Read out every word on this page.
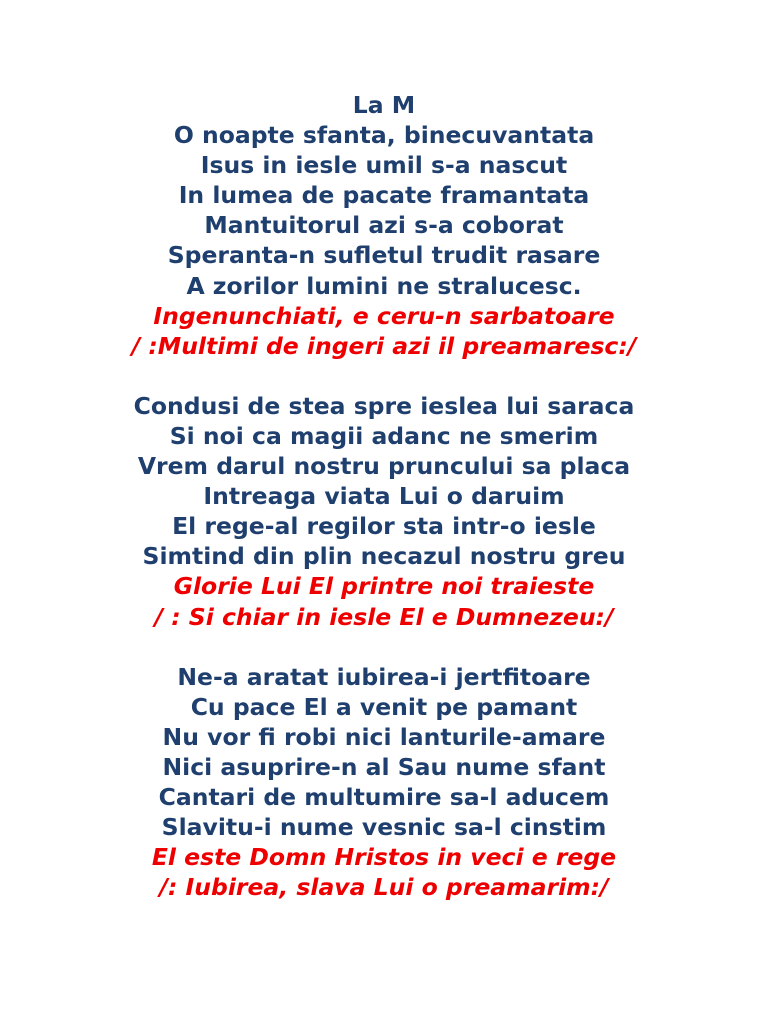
La M
O noapte sfanta, binecuvantata
Isus in iesle umil s-a nascut
In lumea de pacate framantata
Mantuitorul azi s-a coborat
Speranta-n sufletul trudit rasare
A zorilor lumini ne stralucesc.
Ingenunchiati, e ceru-n sarbatoare
/ :Multimi de ingeri azi il preamaresc:/
Condusi de stea spre ieslea lui saraca
Si noi ca magii adanc ne smerim
Vrem darul nostru pruncului sa placa
Intreaga viata Lui o daruim
El rege-al regilor sta intr-o iesle
Simtind din plin necazul nostru greu
Glorie Lui El printre noi traieste
/ : Si chiar in iesle El e Dumnezeu:/
Ne-a aratat iubirea-i jertfitoare
Cu pace El a venit pe pamant
Nu vor fi robi nici lanturile-amare
Nici asuprire-n al Sau nume sfant
Cantari de multumire sa-l aducem
Slavitu-i nume vesnic sa-l cinstim
El este Domn Hristos in veci e rege
/: Iubirea, slava Lui o preamarim:/
